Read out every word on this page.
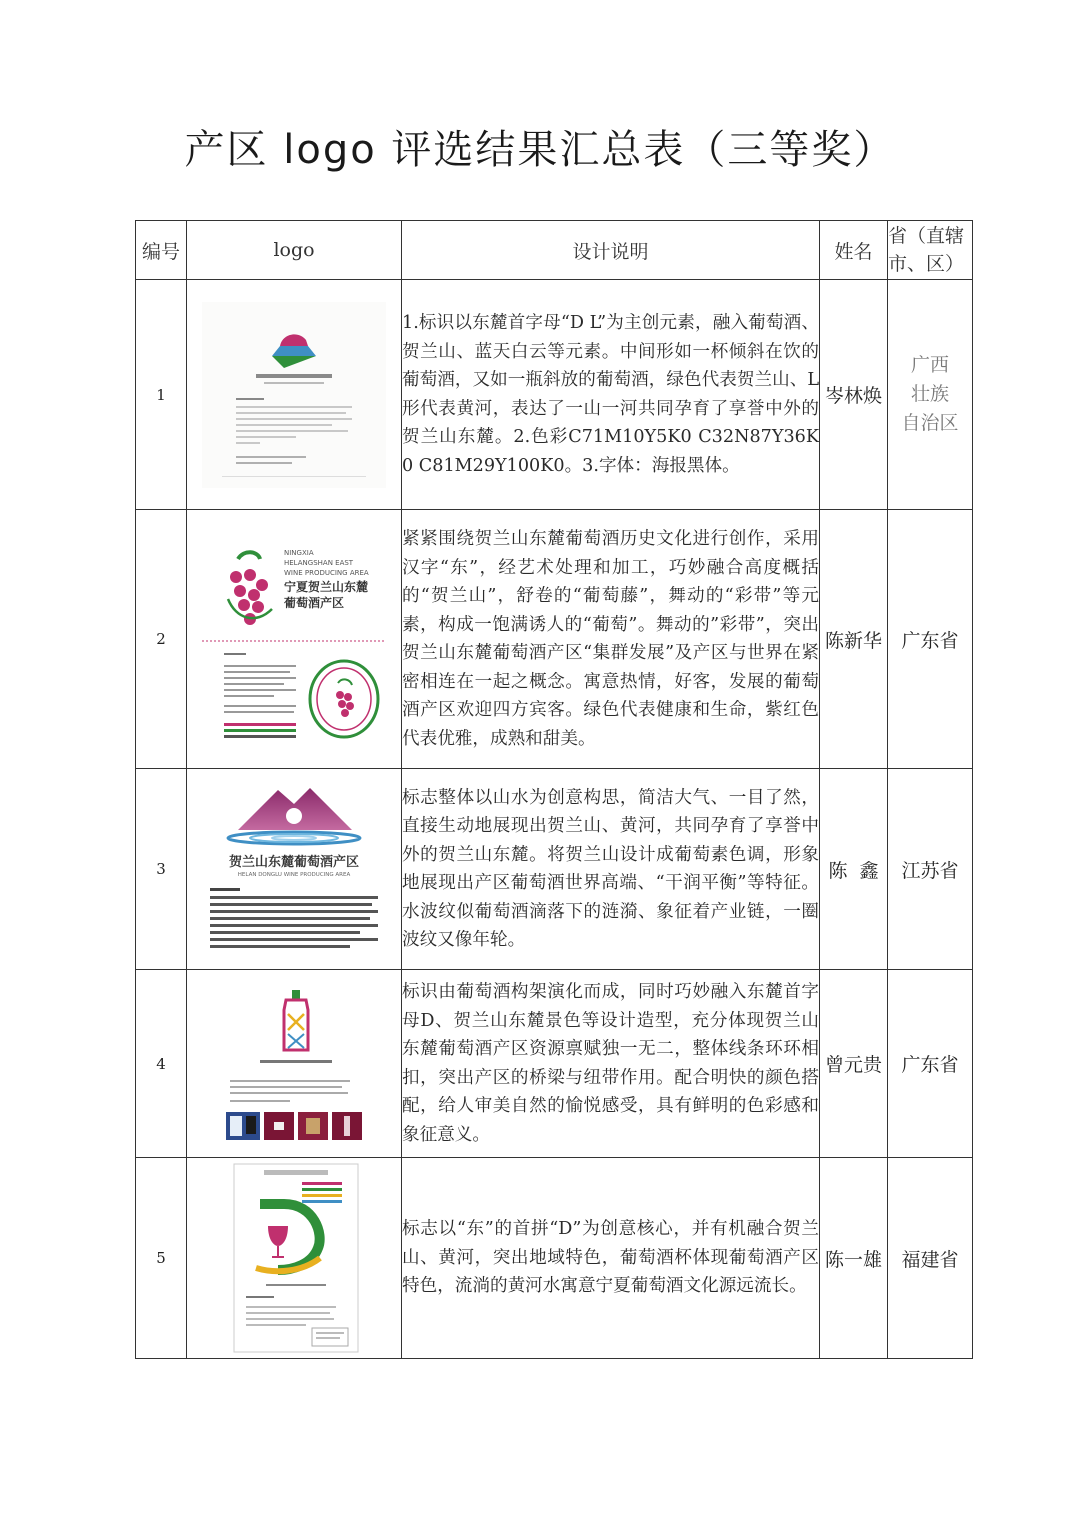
产区 logo 评选结果汇总表（三等奖）
编号	logo	设计说明	姓名	省（直辖
市、区）

1		1.标识以东麓首字母“D L”为主创元素，融入葡萄酒、贺兰山、蓝天白云等元素。中间形如一杯倾斜在饮的葡萄酒，又如一瓶斜放的葡萄酒，绿色代表贺兰山、L形代表黄河，表达了一山一河共同孕育了享誉中外的贺兰山东麓。2.色彩C71M10Y5K0 C32N87Y36K0 C81M29Y100K0。3.字体：海报黑体。	岑林焕	广西
壮族
自治区

2	NINGXIA
HELANGSHAN EAST
WINE PRODUCING AREA
宁夏贺兰山东麓
葡萄酒产区	紧紧围绕贺兰山东麓葡萄酒历史文化进行创作，采用汉字“东”，经艺术处理和加工，巧妙融合高度概括的“贺兰山”，舒卷的“葡萄藤”，舞动的“彩带”等元素，构成一饱满诱人的“葡萄”。舞动的”彩带”，突出贺兰山东麓葡萄酒产区“集群发展”及产区与世界在紧密相连在一起之概念。寓意热情，好客，发展的葡萄酒产区欢迎四方宾客。绿色代表健康和生命，紫红色代表优雅，成熟和甜美。	陈新华	广东省
3	贺兰山东麓葡萄酒产区
HELAN DONGLU WINE PRODUCING AREA	标志整体以山水为创意构思，简洁大气、一目了然，直接生动地展现出贺兰山、黄河，共同孕育了享誉中外的贺兰山东麓。将贺兰山设计成葡萄素色调，形象地展现出产区葡萄酒世界高端、“干润平衡”等特征。水波纹似葡萄酒滴落下的涟漪、象征着产业链，一圈波纹又像年轮。	陈  鑫	江苏省
4		标识由葡萄酒构架演化而成，同时巧妙融入东麓首字母D、贺兰山东麓景色等设计造型，充分体现贺兰山东麓葡萄酒产区资源禀赋独一无二，整体线条环环相扣，突出产区的桥梁与纽带作用。配合明快的颜色搭配，给人审美自然的愉悦感受，具有鲜明的色彩感和象征意义。	曾元贵	广东省
5		标志以“东”的首拼“D”为创意核心，并有机融合贺兰山、黄河，突出地域特色，葡萄酒杯体现葡萄酒产区特色，流淌的黄河水寓意宁夏葡萄酒文化源远流长。	陈一雄	福建省
